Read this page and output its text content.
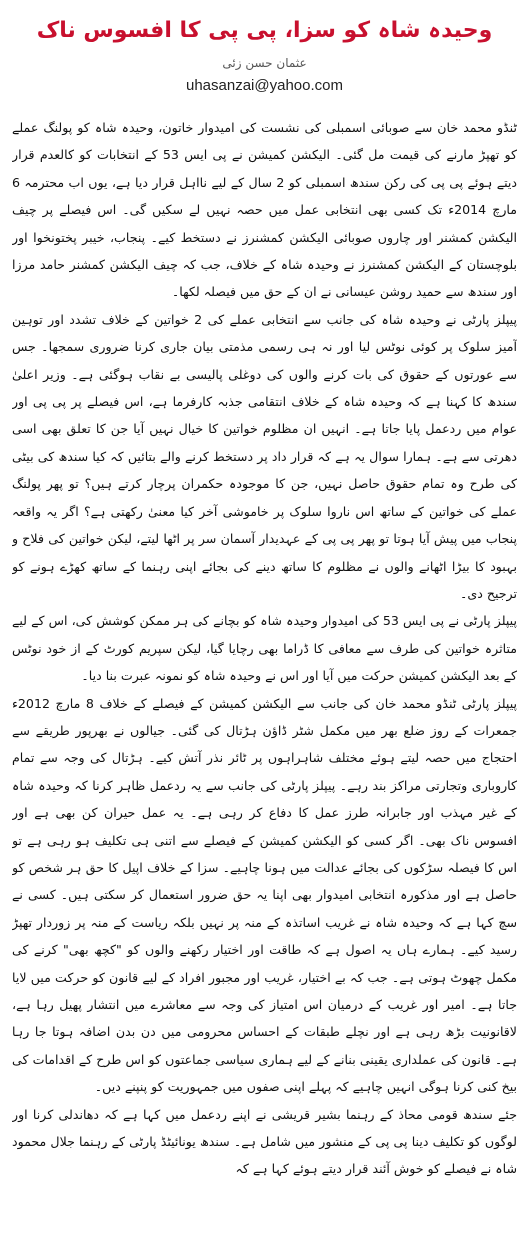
وحیدہ شاہ کو سزا، پی پی کا افسوس ناک
عثمان حسن زئی
uhasanzai@yahoo.com

ٹنڈو محمد خان سے صوبائی اسمبلی کی نشست کی امیدوار خاتون، وحیدہ شاہ کو پولنگ عملے کو تھپڑ مارنے کی قیمت مل گئی۔ الیکشن کمیشن نے پی ایس 53 کے انتخابات کو کالعدم قرار دیتے ہوئے پی پی کی رکن سندھ اسمبلی کو 2 سال کے لیے نااہل قرار دیا ہے، یوں اب محترمہ 6 مارچ 2014ء تک کسی بھی انتخابی عمل میں حصہ نہیں لے سکیں گی۔ اس فیصلے پر چیف الیکشن کمشنر اور چاروں صوبائی الیکشن کمشنرز نے دستخط کیے۔ پنجاب، خیبر پختونخوا اور بلوچستان کے الیکشن کمشنرز نے وحیدہ شاہ کے خلاف، جب کہ چیف الیکشن کمشنر حامد مرزا اور سندھ سے حمید روشن عیسانی نے ان کے حق میں فیصلہ لکھا۔

پیپلز پارٹی نے وحیدہ شاہ کی جانب سے انتخابی عملے کی 2 خواتین کے خلاف تشدد اور توہین آمیز سلوک پر کوئی نوٹس لیا اور نہ ہی رسمی مذمتی بیان جاری کرنا ضروری سمجھا۔ جس سے عورتوں کے حقوق کی بات کرنے والوں کی دوغلی پالیسی بے نقاب ہوگئی ہے۔ وزیر اعلیٰ سندھ کا کہنا ہے کہ وحیدہ شاہ کے خلاف انتقامی جذبہ کارفرما ہے، اس فیصلے پر پی پی اور عوام میں ردعمل پایا جاتا ہے۔ انہیں ان مظلوم خواتین کا خیال نہیں آیا جن کا تعلق بھی اسی دھرتی سے ہے۔ ہمارا سوال یہ ہے کہ قرار داد پر دستخط کرنے والے بتائیں کہ کیا سندھ کی بیٹی کی طرح وہ تمام حقوق حاصل نہیں، جن کا موجودہ حکمران پرچار کرتے ہیں؟ تو پھر پولنگ عملے کی خواتین کے ساتھ اس ناروا سلوک پر خاموشی آخر کیا معنیٰ رکھتی ہے؟ اگر یہ واقعہ پنجاب میں پیش آیا ہوتا تو پھر پی پی کے عہدیدار آسمان سر پر اٹھا لیتے، لیکن خواتین کی فلاح و بہبود کا بیڑا اٹھانے والوں نے مظلوم کا ساتھ دینے کی بجائے اپنی رہنما کے ساتھ کھڑے ہونے کو ترجیح دی۔

پیپلز پارٹی نے پی ایس 53 کی امیدوار وحیدہ شاہ کو بچانے کی ہر ممکن کوشش کی، اس کے لیے متاثرہ خواتین کی طرف سے معافی کا ڈراما بھی رچایا گیا، لیکن سپریم کورٹ کے از خود نوٹس کے بعد الیکشن کمیشن حرکت میں آیا اور اس نے وحیدہ شاہ کو نمونہ عبرت بنا دیا۔

پیپلز پارٹی ٹنڈو محمد خان کی جانب سے الیکشن کمیشن کے فیصلے کے خلاف 8 مارچ 2012ء جمعرات کے روز ضلع بھر میں مکمل شٹر ڈاؤن ہڑتال کی گئی۔ جیالوں نے بھرپور طریقے سے احتجاج میں حصہ لیتے ہوئے مختلف شاہراہوں پر ٹائر نذر آتش کیے۔ ہڑتال کی وجہ سے تمام کاروباری وتجارتی مراکز بند رہے۔ پیپلز پارٹی کی جانب سے یہ ردعمل ظاہر کرنا کہ وحیدہ شاہ کے غیر مہذب اور جابرانہ طرز عمل کا دفاع کر رہی ہے۔ یہ عمل حیران کن بھی ہے اور افسوس ناک بھی۔ اگر کسی کو الیکشن کمیشن کے فیصلے سے اتنی ہی تکلیف ہو رہی ہے تو اس کا فیصلہ سڑکوں کی بجائے عدالت میں ہونا چاہیے۔ سزا کے خلاف اپیل کا حق ہر شخص کو حاصل ہے اور مذکورہ انتخابی امیدوار بھی اپنا یہ حق ضرور استعمال کر سکتی ہیں۔ کسی نے سچ کہا ہے کہ وحیدہ شاہ نے غریب اساتذہ کے منہ پر نہیں بلکہ ریاست کے منہ پر زوردار تھپڑ رسید کیے۔ ہمارے ہاں یہ اصول ہے کہ طاقت اور اختیار رکھنے والوں کو "کچھ بھی" کرنے کی مکمل چھوٹ ہوتی ہے۔ جب کہ بے اختیار، غریب اور مجبور افراد کے لیے قانون کو حرکت میں لایا جاتا ہے۔ امیر اور غریب کے درمیان اس امتیاز کی وجہ سے معاشرے میں انتشار پھیل رہا ہے، لاقانونیت بڑھ رہی ہے اور نچلے طبقات کے احساس محرومی میں دن بدن اضافہ ہوتا جا رہا ہے۔ قانون کی عملداری یقینی بنانے کے لیے ہماری سیاسی جماعتوں کو اس طرح کے اقدامات کی بیخ کنی کرنا ہوگی انہیں چاہیے کہ پہلے اپنی صفوں میں جمہوریت کو پنپنے دیں۔

جئے سندھ قومی محاذ کے رہنما بشیر قریشی نے اپنے ردعمل میں کہا ہے کہ دھاندلی کرنا اور لوگوں کو تکلیف دینا پی پی کے منشور میں شامل ہے۔ سندھ یونائیٹڈ پارٹی کے رہنما جلال محمود شاہ نے فیصلے کو خوش آئند قرار دیتے ہوئے کہا ہے کہ
